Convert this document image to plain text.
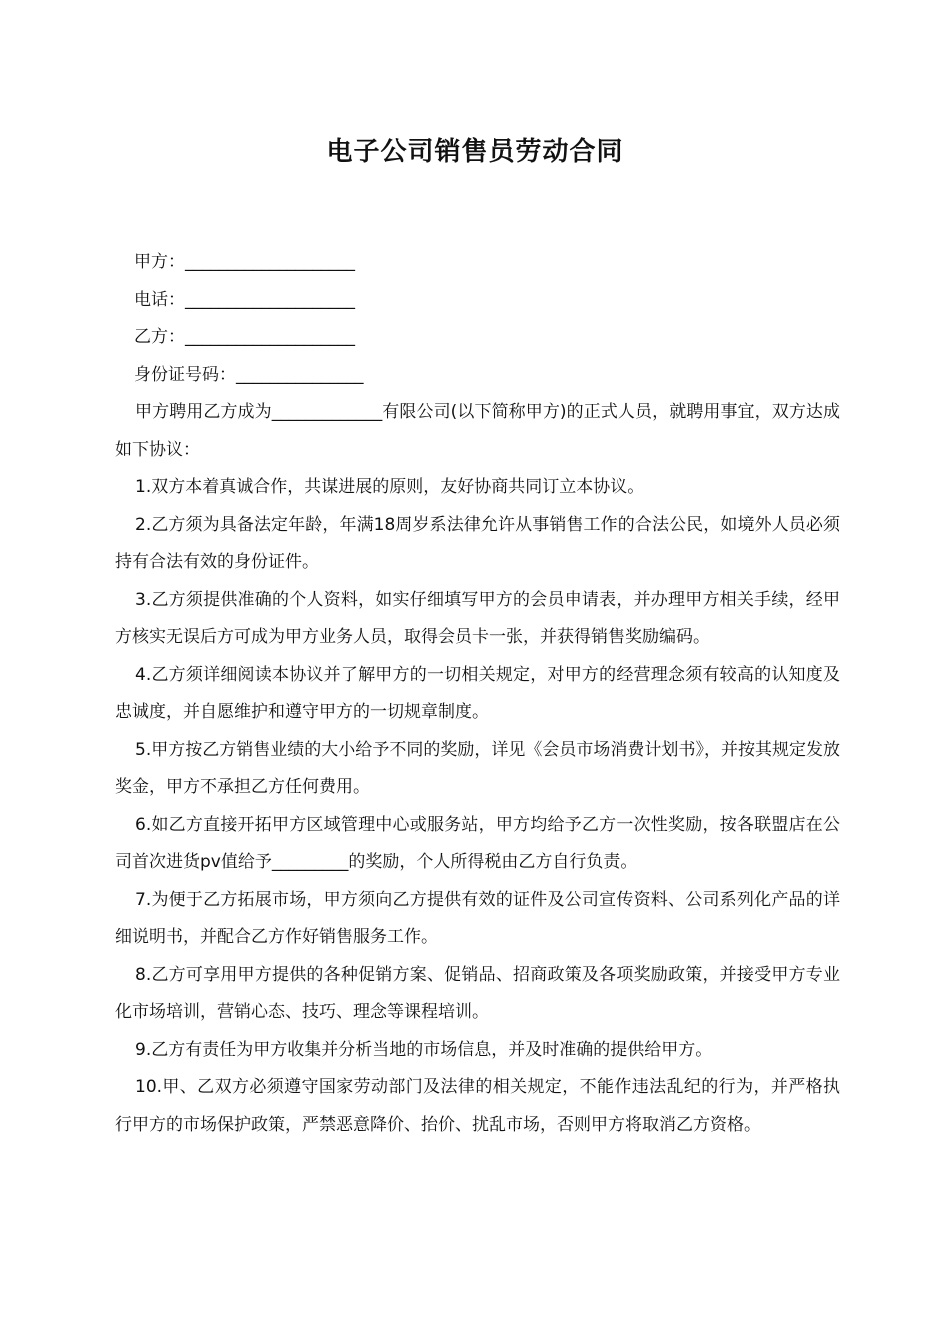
电子公司销售员劳动合同
甲方：____________________
电话：____________________
乙方：____________________
身份证号码：_______________

甲方聘用乙方成为_____________有限公司(以下简称甲方)的正式人员，就聘用事宜，双方达成如下协议：

1.双方本着真诚合作，共谋进展的原则，友好协商共同订立本协议。

2.乙方须为具备法定年龄，年满18周岁系法律允许从事销售工作的合法公民，如境外人员必须持有合法有效的身份证件。

3.乙方须提供准确的个人资料，如实仔细填写甲方的会员申请表，并办理甲方相关手续，经甲方核实无误后方可成为甲方业务人员，取得会员卡一张，并获得销售奖励编码。

4.乙方须详细阅读本协议并了解甲方的一切相关规定，对甲方的经营理念须有较高的认知度及忠诚度，并自愿维护和遵守甲方的一切规章制度。

5.甲方按乙方销售业绩的大小给予不同的奖励，详见《会员市场消费计划书》，并按其规定发放奖金，甲方不承担乙方任何费用。

6.如乙方直接开拓甲方区域管理中心或服务站，甲方均给予乙方一次性奖励，按各联盟店在公司首次进货pv值给予_________的奖励，个人所得税由乙方自行负责。

7.为便于乙方拓展市场，甲方须向乙方提供有效的证件及公司宣传资料、公司系列化产品的详细说明书，并配合乙方作好销售服务工作。

8.乙方可享用甲方提供的各种促销方案、促销品、招商政策及各项奖励政策，并接受甲方专业化市场培训，营销心态、技巧、理念等课程培训。

9.乙方有责任为甲方收集并分析当地的市场信息，并及时准确的提供给甲方。

10.甲、乙双方必须遵守国家劳动部门及法律的相关规定，不能作违法乱纪的行为，并严格执行甲方的市场保护政策，严禁恶意降价、抬价、扰乱市场，否则甲方将取消乙方资格。
